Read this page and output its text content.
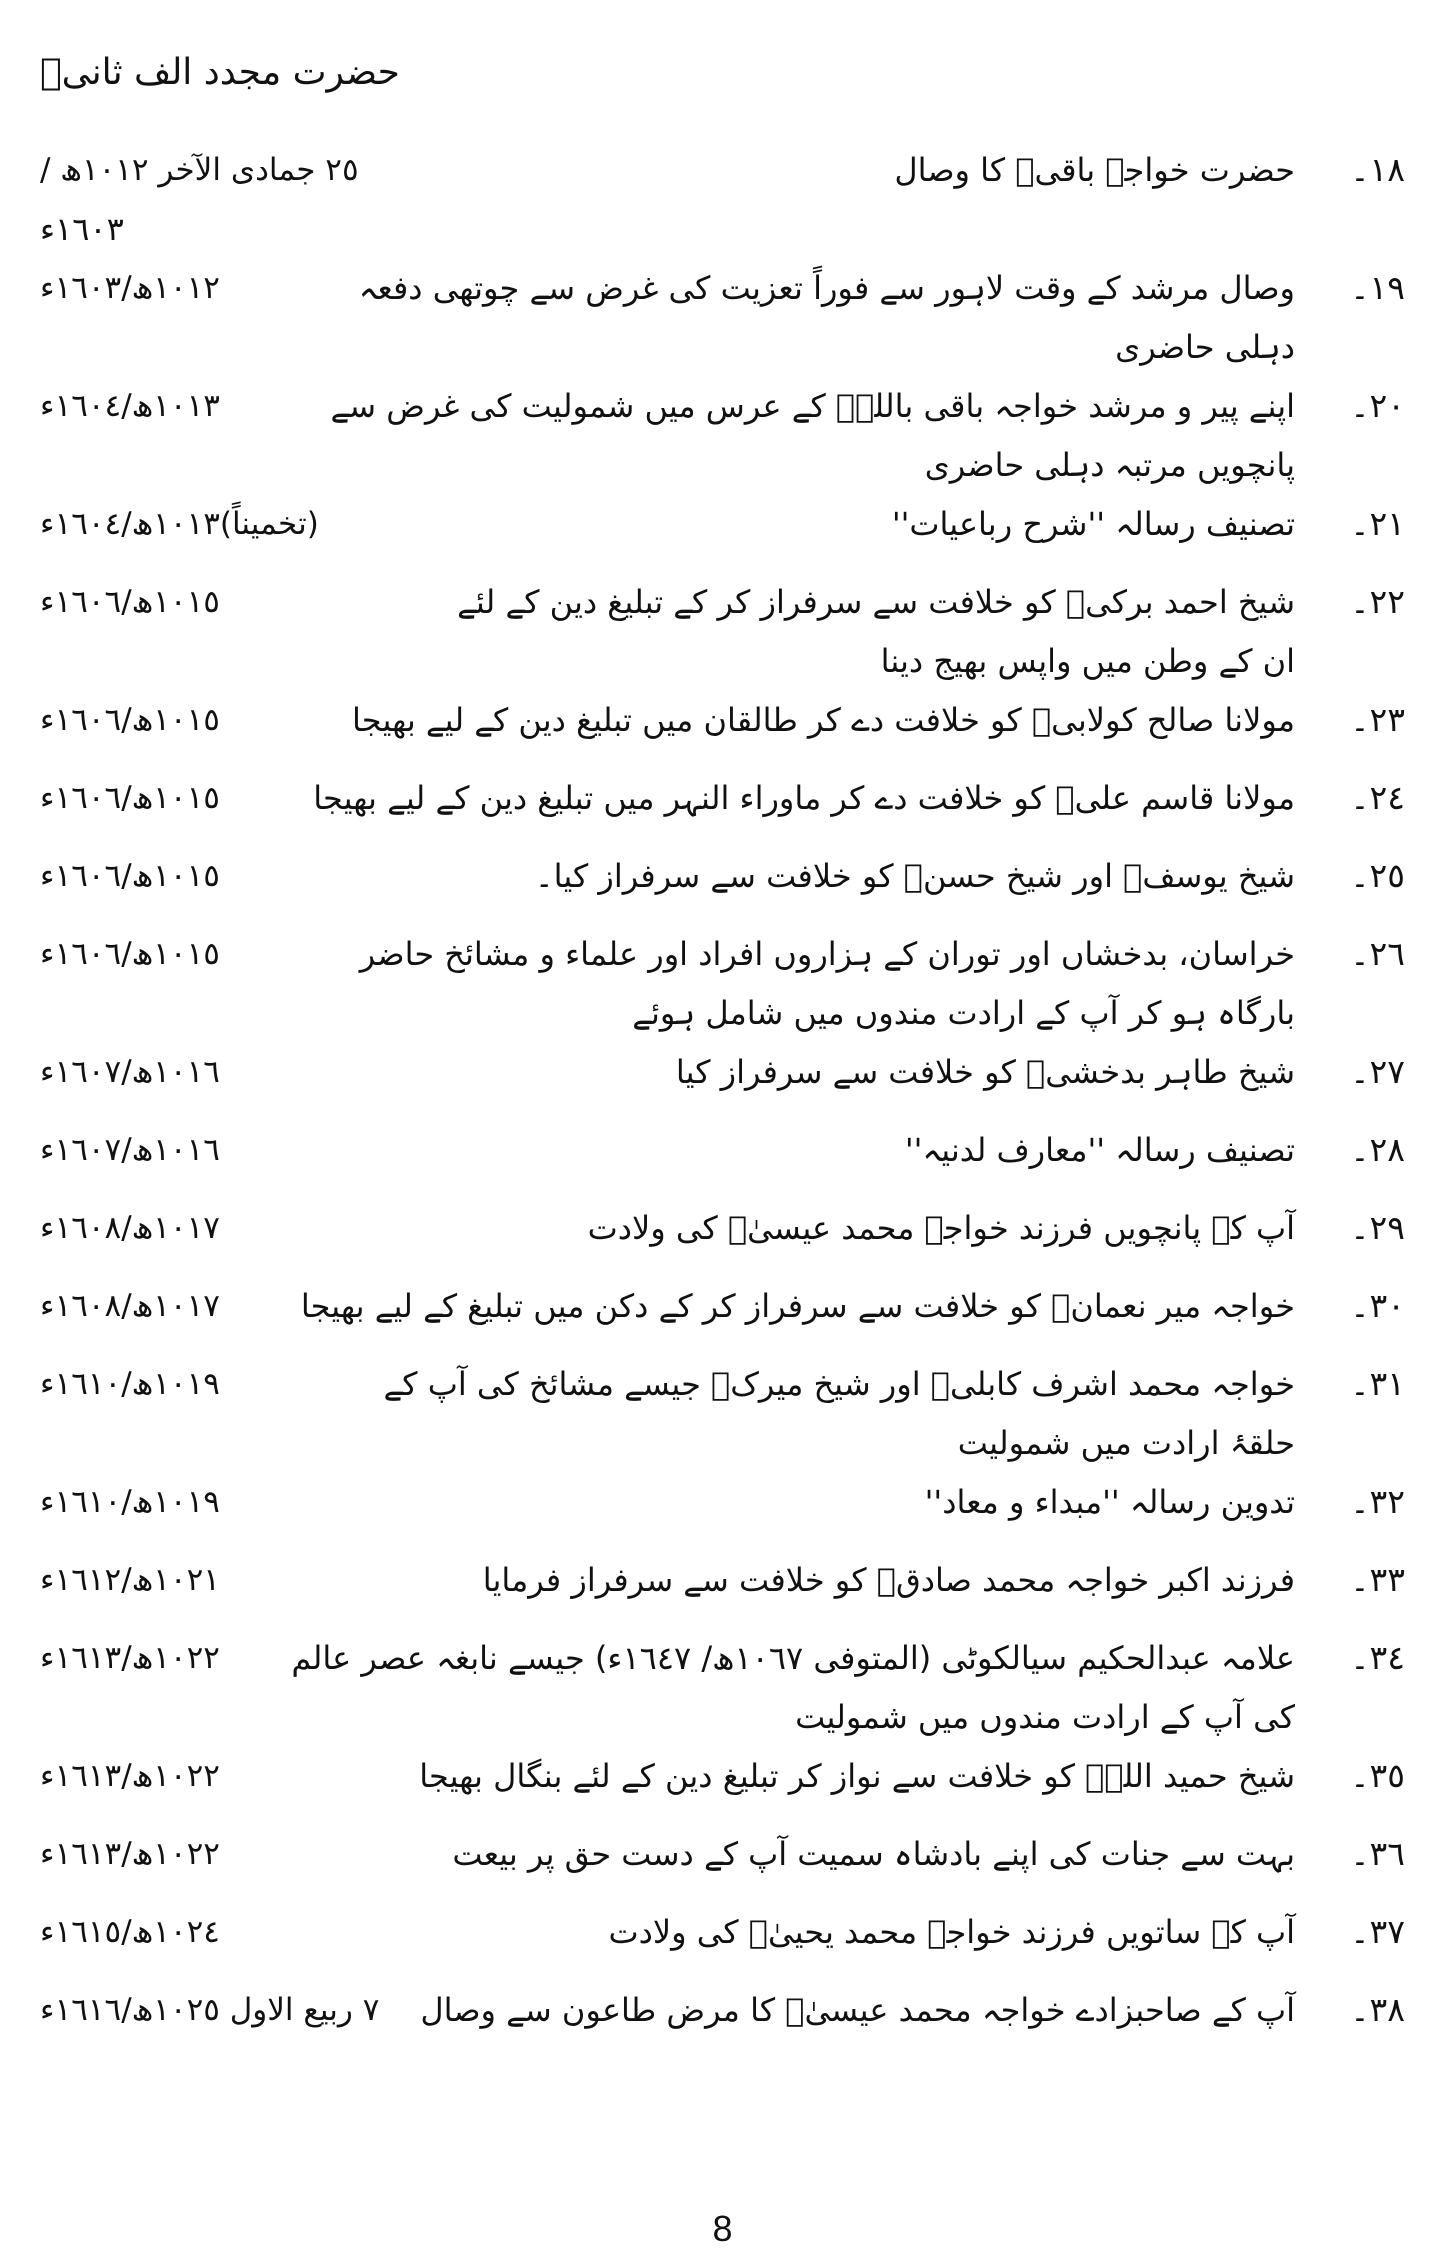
حضرت مجدد الف ثانیؒ
١٨۔
حضرت خواجہ باقیؒ کا وصال
٢٥ جمادی الآخر ١٠١٢ھ /
١٦٠٣ء
١٩۔
وصال مرشد کے وقت لاہور سے فوراً تعزیت کی غرض سے چوتھی دفعہ
١٠١٢ھ/١٦٠٣ء
دہلی حاضری
٢٠۔
اپنے پیر و مرشد خواجہ باقی باللہؒ کے عرس میں شمولیت کی غرض سے
١٠١٣ھ/١٦٠٤ء
پانچویں مرتبہ دہلی حاضری
٢١۔
تصنیف رسالہ ''شرح رباعیات''
(تخمیناً)١٠١٣ھ/١٦٠٤ء
٢٢۔
شیخ احمد برکیؒ کو خلافت سے سرفراز کر کے تبلیغ دین کے لئے
١٠١٥ھ/١٦٠٦ء
ان کے وطن میں واپس بھیج دینا
٢٣۔
مولانا صالح کولابیؒ کو خلافت دے کر طالقان میں تبلیغ دین کے لیے بھیجا
١٠١٥ھ/١٦٠٦ء
٢٤۔
مولانا قاسم علیؒ کو خلافت دے کر ماوراء النہر میں تبلیغ دین کے لیے بھیجا
١٠١٥ھ/١٦٠٦ء
٢٥۔
شیخ یوسفؒ اور شیخ حسنؒ کو خلافت سے سرفراز کیا۔
١٠١٥ھ/١٦٠٦ء
٢٦۔
خراسان، بدخشاں اور توران کے ہزاروں افراد اور علماء و مشائخ حاضر
١٠١٥ھ/١٦٠٦ء
بارگاہ ہو کر آپ کے ارادت مندوں میں شامل ہوئے
٢٧۔
شیخ طاہر بدخشیؒ کو خلافت سے سرفراز کیا
١٠١٦ھ/١٦٠٧ء
٢٨۔
تصنیف رسالہ ''معارف لدنیہ''
١٠١٦ھ/١٦٠٧ء
٢٩۔
آپ کے پانچویں فرزند خواجہ محمد عیسیٰؒ کی ولادت
١٠١٧ھ/١٦٠٨ء
٣٠۔
خواجہ میر نعمانؒ کو خلافت سے سرفراز کر کے دکن میں تبلیغ کے لیے بھیجا
١٠١٧ھ/١٦٠٨ء
٣١۔
خواجہ محمد اشرف کابلیؒ اور شیخ میرکؒ جیسے مشائخ کی آپ کے
١٠١٩ھ/١٦١٠ء
حلقۂ ارادت میں شمولیت
٣٢۔
تدوین رسالہ ''مبداء و معاد''
١٠١٩ھ/١٦١٠ء
٣٣۔
فرزند اکبر خواجہ محمد صادقؒ کو خلافت سے سرفراز فرمایا
١٠٢١ھ/١٦١٢ء
٣٤۔
علامہ عبدالحکیم سیالکوٹی (المتوفی ١٠٦٧ھ/ ١٦٤٧ء) جیسے نابغہ عصر عالم
١٠٢٢ھ/١٦١٣ء
کی آپ کے ارادت مندوں میں شمولیت
٣٥۔
شیخ حمید اللہؒ کو خلافت سے نواز کر تبلیغ دین کے لئے بنگال بھیجا
١٠٢٢ھ/١٦١٣ء
٣٦۔
بہت سے جنات کی اپنے بادشاہ سمیت آپ کے دست حق پر بیعت
١٠٢٢ھ/١٦١٣ء
٣٧۔
آپ کے ساتویں فرزند خواجہ محمد یحییٰؒ کی ولادت
١٠٢٤ھ/١٦١٥ء
٣٨۔
آپ کے صاحبزادے خواجہ محمد عیسیٰؒ کا مرض طاعون سے وصال
٧ ربیع الاول ١٠٢٥ھ/١٦١٦ء
8
